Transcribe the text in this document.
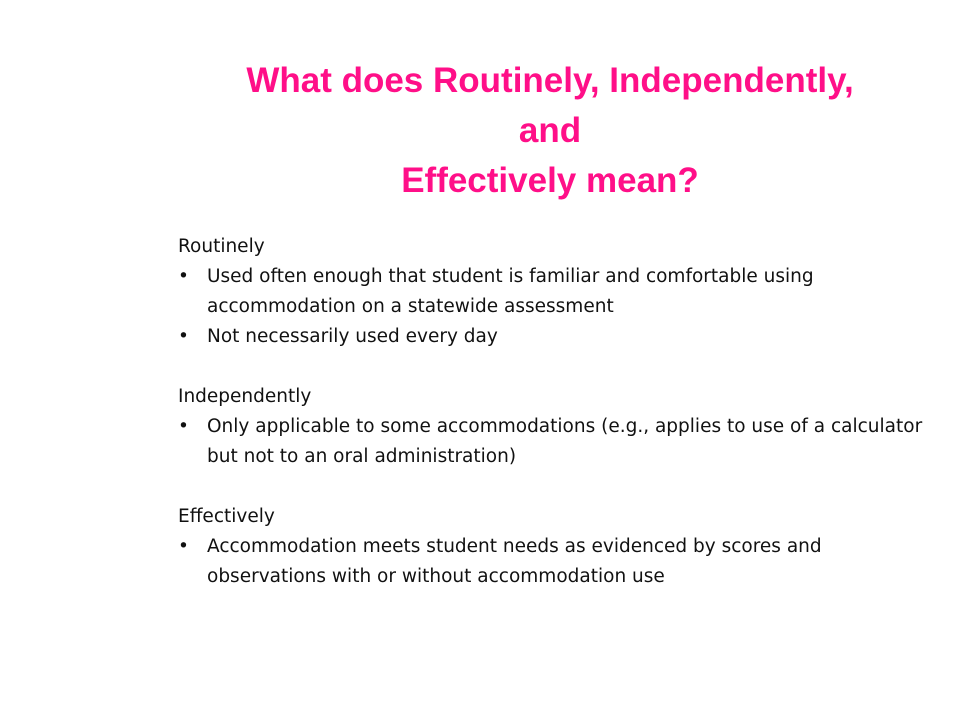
What does Routinely, Independently,
and
Effectively mean?

Routinely

• Used often enough that student is familiar and comfortable using accommodation on a statewide assessment
• Not necessarily used every day

Independently

• Only applicable to some accommodations (e.g., applies to use of a calculator but not to an oral administration)

Effectively

• Accommodation meets student needs as evidenced by scores and observations with or without accommodation use
